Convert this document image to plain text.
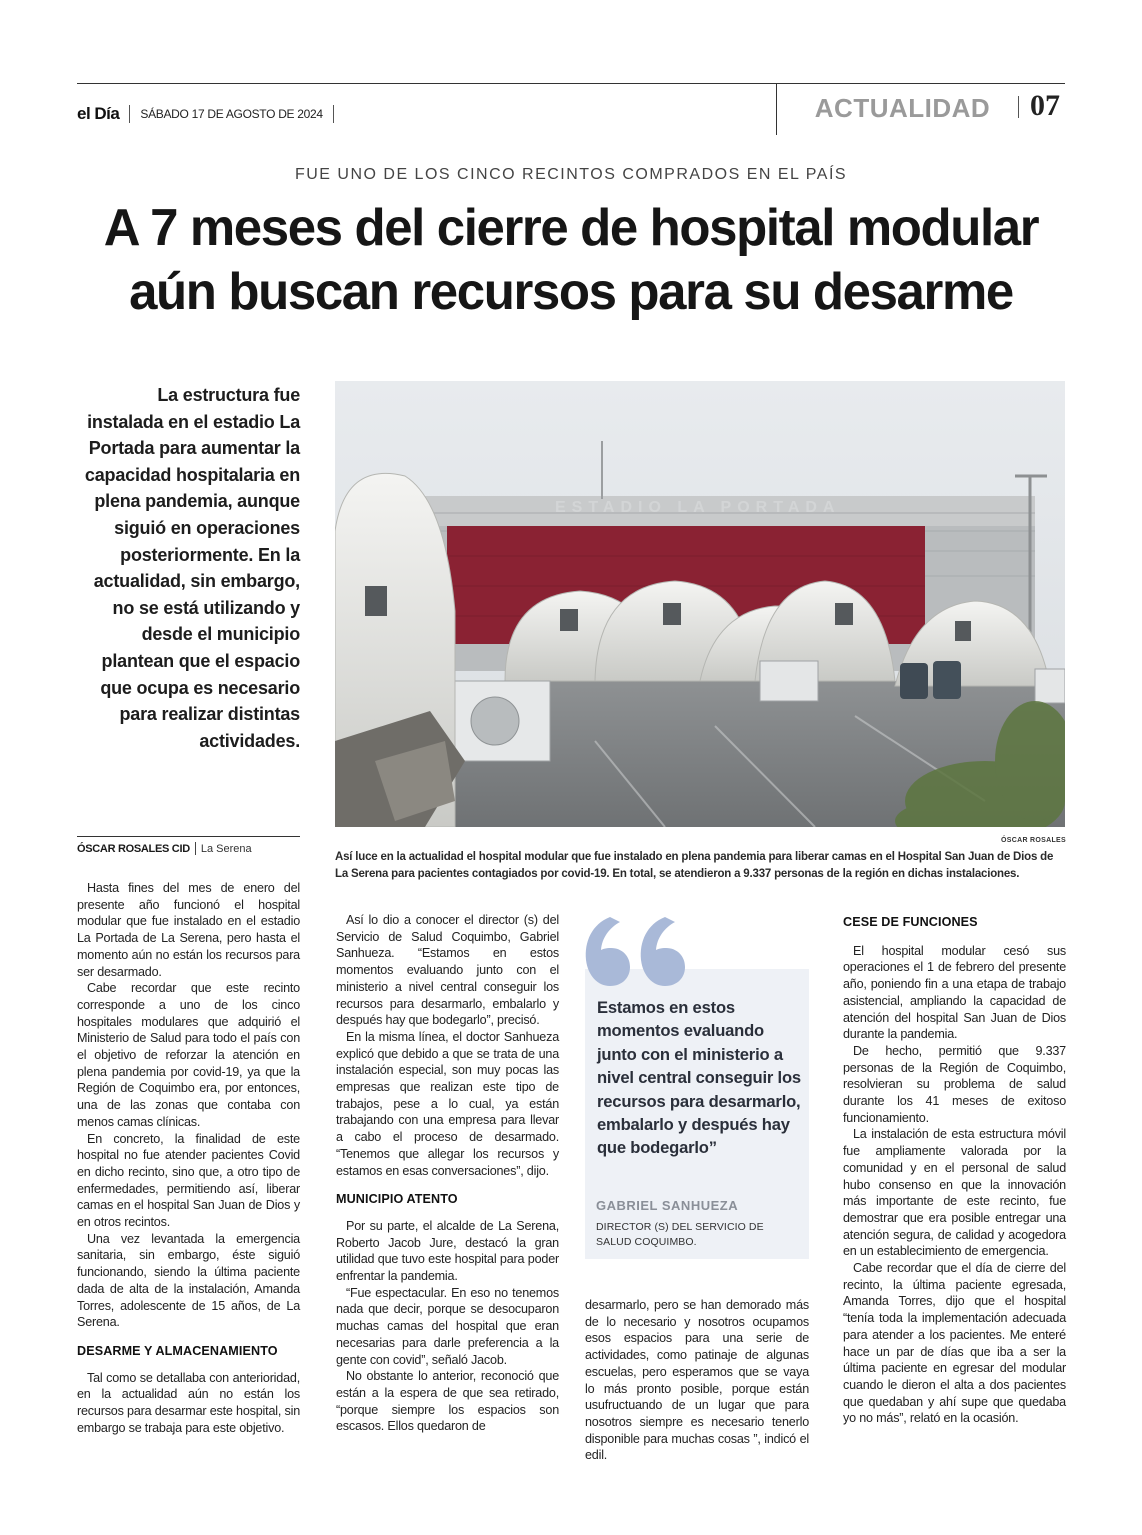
el Día SÁBADO 17 DE AGOSTO DE 2024	ACTUALIDAD	07
FUE UNO DE LOS CINCO RECINTOS COMPRADOS EN EL PAÍS
A 7 meses del cierre de hospital modular
aún buscan recursos para su desarme
La estructura fue instalada en el estadio La Portada para aumentar la capacidad hospitalaria en plena pandemia, aunque siguió en operaciones posteriormente. En la actualidad, sin embargo, no se está utilizando y desde el municipio plantean que el espacio que ocupa es necesario para realizar distintas actividades.
ESTADIO LA PORTADA
ÓSCAR ROSALES
Así luce en la actualidad el hospital modular que fue instalado en plena pandemia para liberar camas en el Hospital San Juan de Dios de La Serena para pacientes contagiados por covid-19. En total, se atendieron a 9.337 personas de la región en dichas instalaciones.
ÓSCAR ROSALES CID La Serena

Hasta fines del mes de enero del presente año funcionó el hospital modular que fue instalado en el estadio La Portada de La Serena, pero hasta el momento aún no están los recursos para ser desarmado.

Cabe recordar que este recinto corresponde a uno de los cinco hospitales modulares que adquirió el Ministerio de Salud para todo el país con el objetivo de reforzar la atención en plena pandemia por covid-19, ya que la Región de Coquimbo era, por entonces, una de las zonas que contaba con menos camas clínicas.

En concreto, la finalidad de este hospital no fue atender pacientes Covid en dicho recinto, sino que, a otro tipo de enfermedades, permitiendo así, liberar camas en el hospital San Juan de Dios y en otros recintos.

Una vez levantada la emergencia sanitaria, sin embargo, éste siguió funcionando, siendo la última paciente dada de alta de la instalación, Amanda Torres, adolescente de 15 años, de La Serena.

DESARME Y ALMACENAMIENTO

Tal como se detallaba con anterioridad, en la actualidad aún no están los recursos para desarmar este hospital, sin embargo se trabaja para este objetivo.

Así lo dio a conocer el director (s) del Servicio de Salud Coquimbo, Gabriel Sanhueza. “Estamos en estos momentos evaluando junto con el ministerio a nivel central conseguir los recursos para desarmarlo, embalarlo y después hay que bodegarlo”, precisó.

En la misma línea, el doctor Sanhueza explicó que debido a que se trata de una instalación especial, son muy pocas las empresas que realizan este tipo de trabajos, pese a lo cual, ya están trabajando con una empresa para llevar a cabo el proceso de desarmado. “Tenemos que allegar los recursos y estamos en esas conversaciones”, dijo.

MUNICIPIO ATENTO

Por su parte, el alcalde de La Serena, Roberto Jacob Jure, destacó la gran utilidad que tuvo este hospital para poder enfrentar la pandemia.

“Fue espectacular. En eso no tenemos nada que decir, porque se desocuparon muchas camas del hospital que eran necesarias para darle preferencia a la gente con covid”, señaló Jacob.

No obstante lo anterior, reconoció que están a la espera de que sea retirado, “porque siempre los espacios son escasos. Ellos quedaron de

Estamos en estos momentos evaluando junto con el ministerio a nivel central conseguir los recursos para desarmarlo, embalarlo y después hay que bodegarlo”
GABRIEL SANHUEZA
DIRECTOR (S) DEL SERVICIO DE SALUD COQUIMBO.

desarmarlo, pero se han demorado más de lo necesario y nosotros ocupamos esos espacios para una serie de actividades, como patinaje de algunas escuelas, pero esperamos que se vaya lo más pronto posible, porque están usufructuando de un lugar que para nosotros siempre es necesario tenerlo disponible para muchas cosas ”, indicó el edil.

CESE DE FUNCIONES

El hospital modular cesó sus operaciones el 1 de febrero del presente año, poniendo fin a una etapa de trabajo asistencial, ampliando la capacidad de atención del hospital San Juan de Dios durante la pandemia.

De hecho, permitió que 9.337 personas de la Región de Coquimbo, resolvieran su problema de salud durante los 41 meses de exitoso funcionamiento.

La instalación de esta estructura móvil fue ampliamente valorada por la comunidad y en el personal de salud hubo consenso en que la innovación más importante de este recinto, fue demostrar que era posible entregar una atención segura, de calidad y acogedora en un establecimiento de emergencia.

Cabe recordar que el día de cierre del recinto, la última paciente egresada, Amanda Torres, dijo que el hospital “tenía toda la implementación adecuada para atender a los pacientes. Me enteré hace un par de días que iba a ser la última paciente en egresar del modular cuando le dieron el alta a dos pacientes que quedaban y ahí supe que quedaba yo no más”, relató en la ocasión.
